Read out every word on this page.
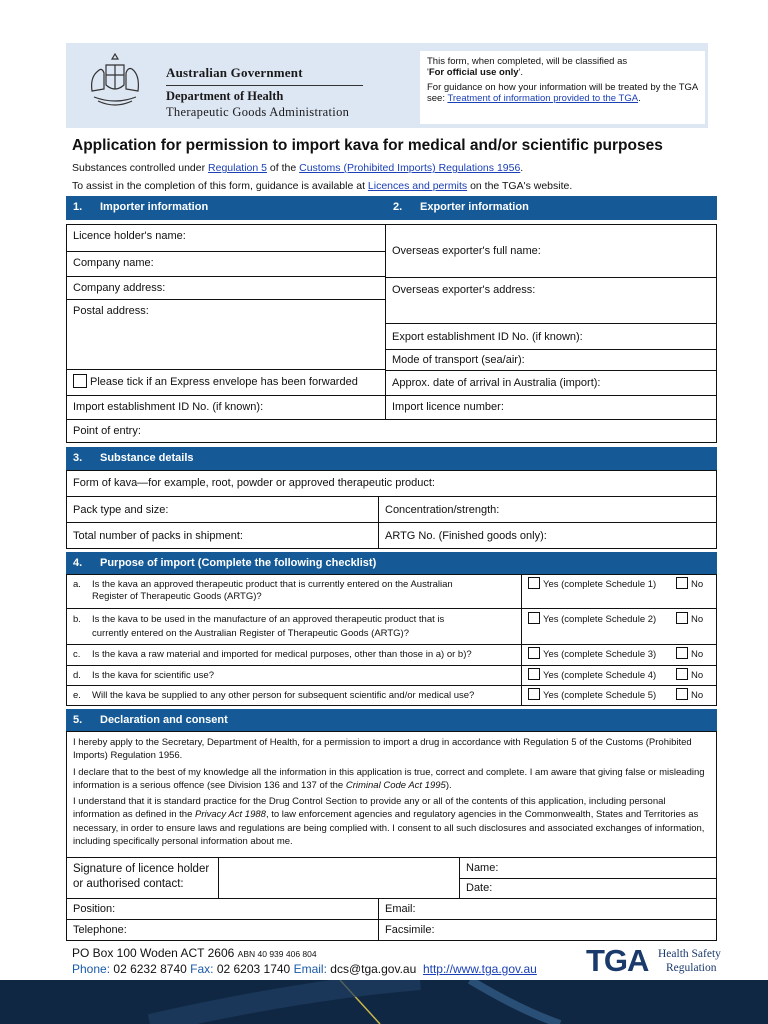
Australian Government
Department of Health
Therapeutic Goods Administration

This form, when completed, will be classified as
'For official use only'.

For guidance on how your information will be treated by the TGA see: Treatment of information provided to the TGA.

Application for permission to import kava for medical and/or scientific purposes
Substances controlled under Regulation 5 of the Customs (Prohibited Imports) Regulations 1956.
To assist in the completion of this form, guidance is available at Licences and permits on the TGA's website.
1. Importer information	2. Exporter information
Licence holder's name:
Company name:
Company address:
Postal address:
Please tick if an Express envelope has been forwarded
Import establishment ID No. (if known):
Overseas exporter's full name:
Overseas exporter's address:
Export establishment ID No. (if known):
Mode of transport (sea/air):
Approx. date of arrival in Australia (import):
Import licence number:
Point of entry:
3. Substance details
Form of kava—for example, root, powder or approved therapeutic product:
Pack type and size:	Concentration/strength:
Total number of packs in shipment:	ARTG No. (Finished goods only):
4. Purpose of import (Complete the following checklist)
a. Is the kava an approved therapeutic product that is currently entered on the Australian
Register of Therapeutic Goods (ARTG)?
Yes (complete Schedule 1)	No
b. Is the kava to be used in the manufacture of an approved therapeutic product that is
currently entered on the Australian Register of Therapeutic Goods (ARTG)?
Yes (complete Schedule 2)	No
c. Is the kava a raw material and imported for medical purposes, other than those in a) or b)?	Yes (complete Schedule 3)	No
d. Is the kava for scientific use?	Yes (complete Schedule 4)	No
e. Will the kava be supplied to any other person for subsequent scientific and/or medical use?	Yes (complete Schedule 5)	No
5. Declaration and consent

I hereby apply to the Secretary, Department of Health, for a permission to import a drug in accordance with Regulation 5 of the Customs (Prohibited Imports) Regulation 1956.

I declare that to the best of my knowledge all the information in this application is true, correct and complete. I am aware that giving false or misleading information is a serious offence (see Division 136 and 137 of the Criminal Code Act 1995).

I understand that it is standard practice for the Drug Control Section to provide any or all of the contents of this application, including personal information as defined in the Privacy Act 1988, to law enforcement agencies and regulatory agencies in the Commonwealth, States and Territories as necessary, in order to ensure laws and regulations are being complied with. I consent to all such disclosures and associated exchanges of information, including specifically personal information about me.

Signature of licence holder
or authorised contact:
Name:
Date:
Position:	Email:
Telephone:	Facsimile:
PO Box 100 Woden ACT 2606 ABN 40 939 406 804
Phone: 02 6232 8740 Fax: 02 6203 1740 Email: dcs@tga.gov.au http://www.tga.gov.au TGA Health Safety
Regulation
